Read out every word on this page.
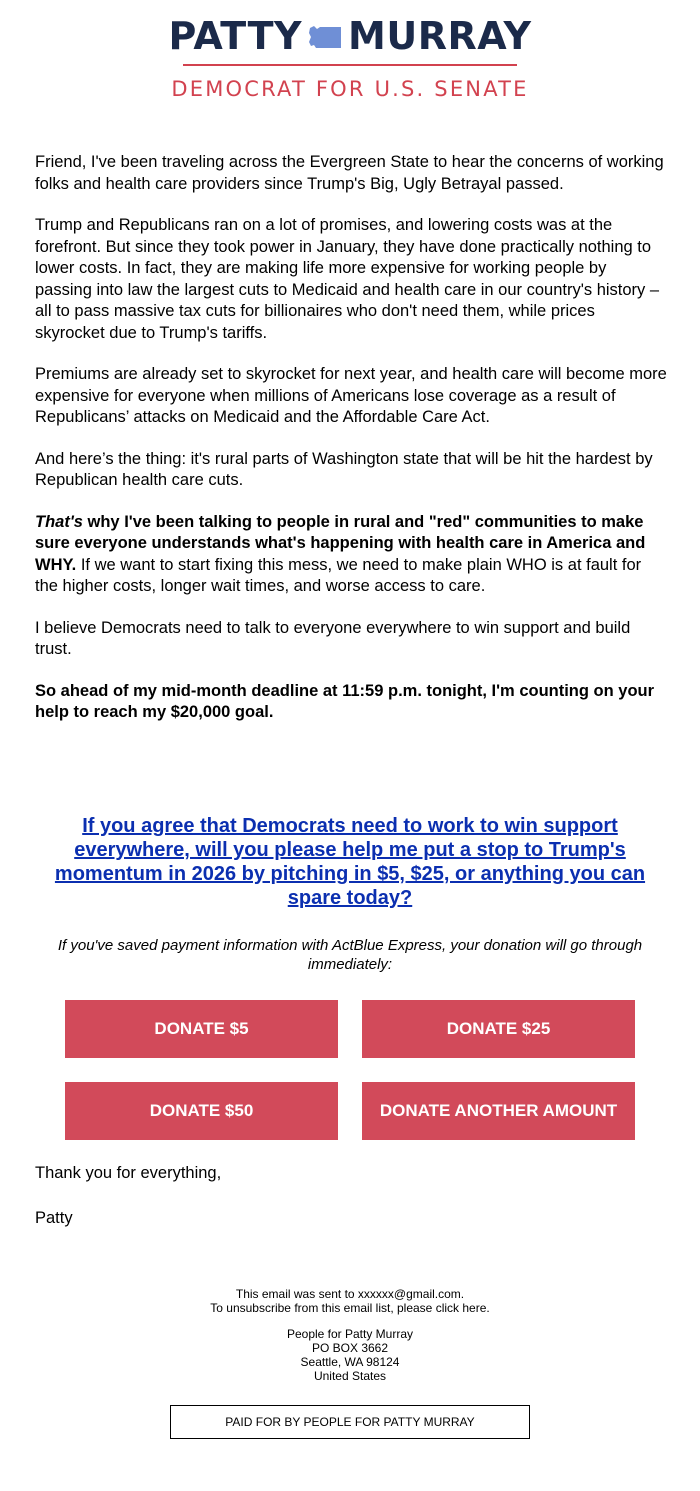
PATTY MURRAY
DEMOCRAT FOR U.S. SENATE

Friend, I've been traveling across the Evergreen State to hear the concerns of working folks and health care providers since Trump's Big, Ugly Betrayal passed.

Trump and Republicans ran on a lot of promises, and lowering costs was at the forefront. But since they took power in January, they have done practically nothing to lower costs. In fact, they are making life more expensive for working people by passing into law the largest cuts to Medicaid and health care in our country's history – all to pass massive tax cuts for billionaires who don't need them, while prices skyrocket due to Trump's tariffs.

Premiums are already set to skyrocket for next year, and health care will become more expensive for everyone when millions of Americans lose coverage as a result of Republicans’ attacks on Medicaid and the Affordable Care Act.

And here’s the thing: it's rural parts of Washington state that will be hit the hardest by Republican health care cuts.

That's why I've been talking to people in rural and "red" communities to make sure everyone understands what's happening with health care in America and WHY. If we want to start fixing this mess, we need to make plain WHO is at fault for the higher costs, longer wait times, and worse access to care.

I believe Democrats need to talk to everyone everywhere to win support and build trust.

So ahead of my mid-month deadline at 11:59 p.m. tonight, I'm counting on your help to reach my $20,000 goal.

If you agree that Democrats need to work to win support everywhere, will you please help me put a stop to Trump's momentum in 2026 by pitching in $5, $25, or anything you can spare today?
If you've saved payment information with ActBlue Express, your donation will go through immediately:
DONATE $5	DONATE $25
DONATE $50	DONATE ANOTHER AMOUNT
Thank you for everything,
Patty
This email was sent to xxxxxx@gmail.com.
To unsubscribe from this email list, please click here.
People for Patty Murray
PO BOX 3662
Seattle, WA 98124
United States
PAID FOR BY PEOPLE FOR PATTY MURRAY
